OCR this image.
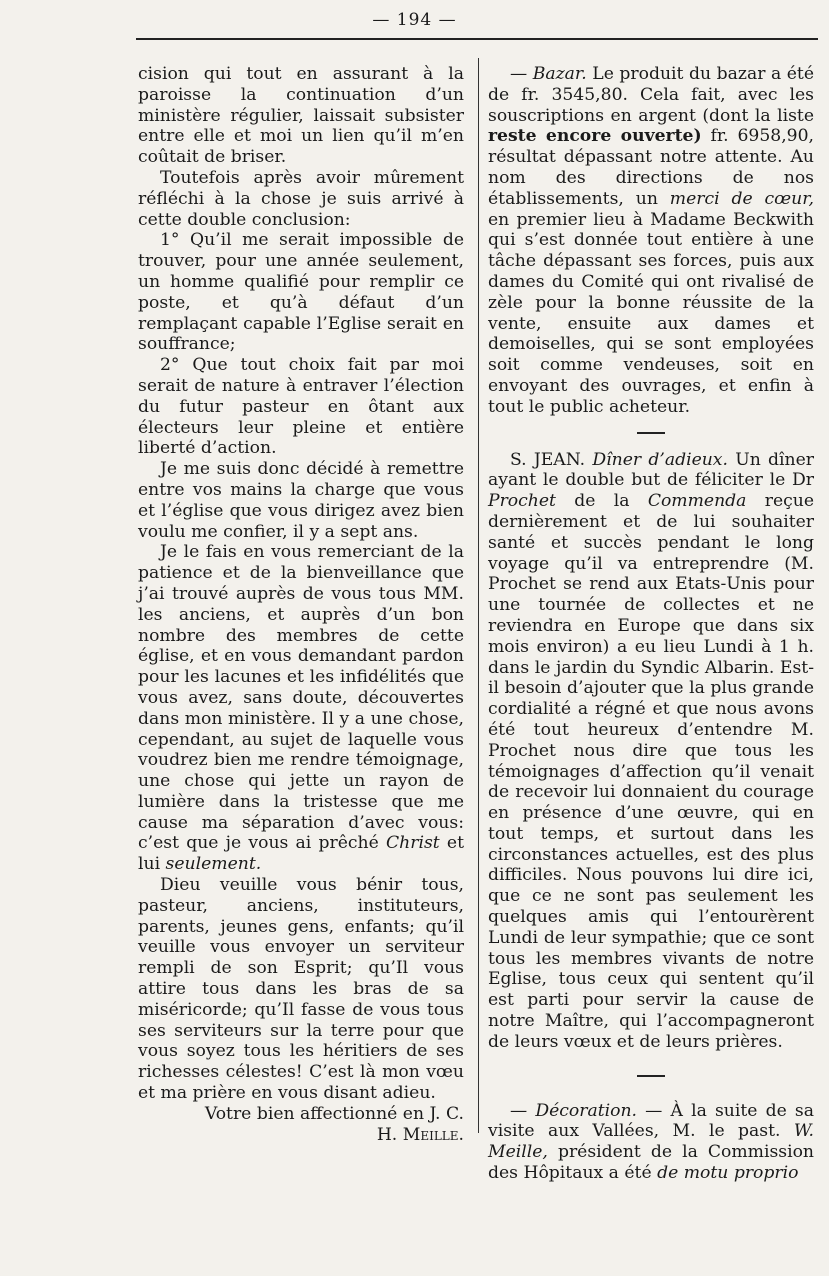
— 194 —

cision qui tout en assurant à la paroisse la continuation d’un ministère régulier, laissait subsister entre elle et moi un lien qu’il m’en coûtait de briser.

Toutefois après avoir mûrement réfléchi à la chose je suis arrivé à cette double conclusion:

1° Qu’il me serait impossible de trouver, pour une année seulement, un homme qualifié pour remplir ce poste, et qu’à défaut d’un remplaçant capable l’Eglise serait en souffrance;

2° Que tout choix fait par moi serait de nature à entraver l’élection du futur pasteur en ôtant aux électeurs leur pleine et entière liberté d’action.

Je me suis donc décidé à remettre entre vos mains la charge que vous et l’église que vous dirigez avez bien voulu me confier, il y a sept ans.

Je le fais en vous remerciant de la patience et de la bienveillance que j’ai trouvé auprès de vous tous MM. les anciens, et auprès d’un bon nombre des membres de cette église, et en vous demandant pardon pour les lacunes et les infidélités que vous avez, sans doute, découvertes dans mon ministère. Il y a une chose, cependant, au sujet de laquelle vous voudrez bien me rendre témoignage, une chose qui jette un rayon de lumière dans la tristesse que me cause ma séparation d’avec vous: c’est que je vous ai prêché Christ et lui seulement.

Dieu veuille vous bénir tous, pasteur, anciens, instituteurs, parents, jeunes gens, enfants; qu’il veuille vous envoyer un serviteur rempli de son Esprit; qu’Il vous attire tous dans les bras de sa miséricorde; qu’Il fasse de vous tous ses serviteurs sur la terre pour que vous soyez tous les héritiers de ses richesses célestes! C’est là mon vœu et ma prière en vous disant adieu.

Votre bien affectionné en J. C.

H. Meille.

— Bazar. Le produit du bazar a été de fr. 3545,80. Cela fait, avec les souscriptions en argent (dont la liste reste encore ouverte) fr. 6958,90, résultat dépassant notre attente. Au nom des directions de nos établissements, un merci de cœur, en premier lieu à Madame Beckwith qui s’est donnée tout entière à une tâche dépassant ses forces, puis aux dames du Comité qui ont rivalisé de zèle pour la bonne réussite de la vente, ensuite aux dames et demoiselles, qui se sont employées soit comme vendeuses, soit en envoyant des ouvrages, et enfin à tout le public acheteur.

S. JEAN. Dîner d’adieux. Un dîner ayant le double but de féliciter le Dr Prochet de la Commenda reçue dernièrement et de lui souhaiter santé et succès pendant le long voyage qu’il va entreprendre (M. Prochet se rend aux Etats-Unis pour une tournée de collectes et ne reviendra en Europe que dans six mois environ) a eu lieu Lundi à 1 h. dans le jardin du Syndic Albarin. Est-il besoin d’ajouter que la plus grande cordialité a régné et que nous avons été tout heureux d’entendre M. Prochet nous dire que tous les témoignages d’affection qu’il venait de recevoir lui donnaient du courage en présence d’une œuvre, qui en tout temps, et surtout dans les circonstances actuelles, est des plus difficiles. Nous pouvons lui dire ici, que ce ne sont pas seulement les quelques amis qui l’entourèrent Lundi de leur sympathie; que ce sont tous les membres vivants de notre Eglise, tous ceux qui sentent qu’il est parti pour servir la cause de notre Maître, qui l’accompagneront de leurs vœux et de leurs prières.

— Décoration. — À la suite de sa visite aux Vallées, M. le past. W. Meille, président de la Commission des Hôpitaux a été de motu proprio
